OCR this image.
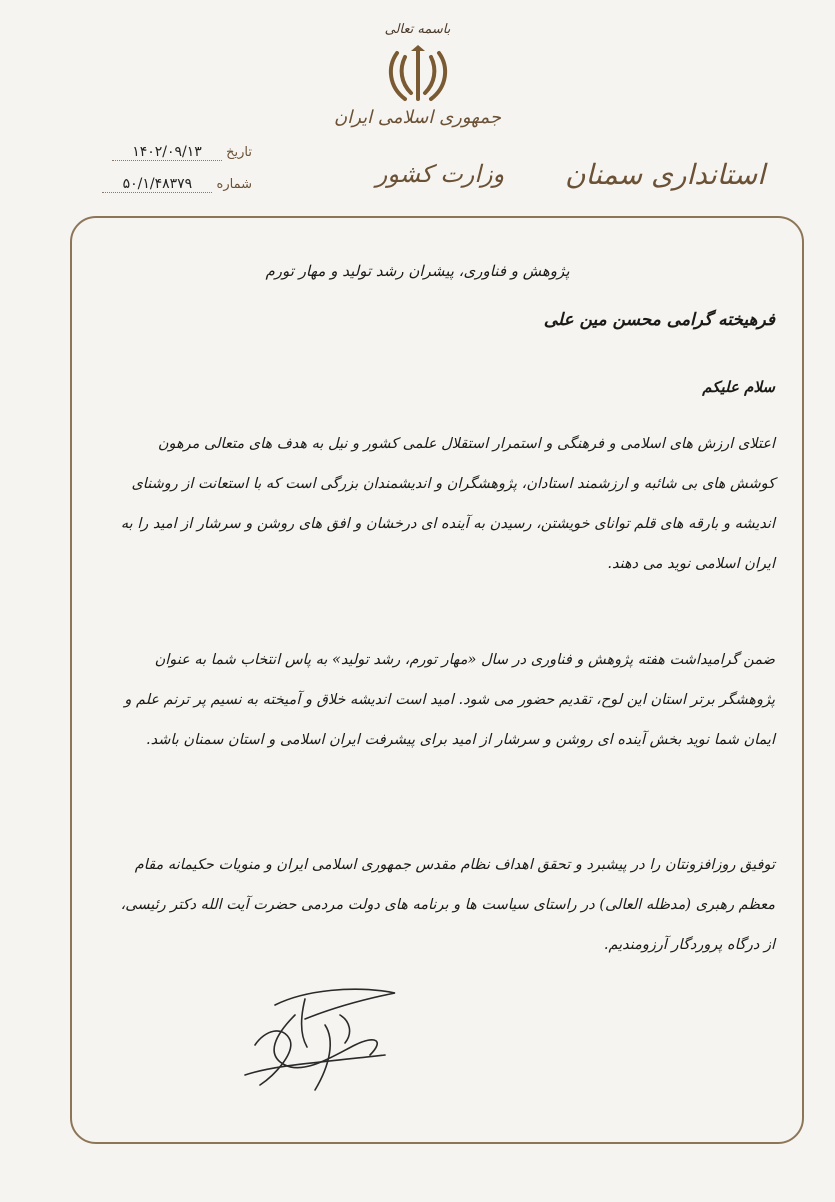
باسمه تعالی
جمهوری اسلامی ایران
وزارت کشور	استانداری سمنان
تاریخ ۱۴۰۲/۰۹/۱۳
شماره ۵۰/۱/۴۸۳۷۹
پژوهش و فناوری، پیشران رشد تولید و مهار تورم
فرهیخته گرامی محسن مین علی
سلام علیکم
اعتلای ارزش های اسلامی و فرهنگی و استمرار استقلال علمی کشور و نیل به هدف های متعالی مرهون کوشش های بی شائبه و ارزشمند استادان، پژوهشگران و اندیشمندان بزرگی است که با استعانت از روشنای اندیشه و بارقه های قلم توانای خویشتن، رسیدن به آینده ای درخشان و افق های روشن و سرشار از امید را به ایران اسلامی نوید می دهند.
ضمن گرامیداشت هفته پژوهش و فناوری در سال «مهار تورم، رشد تولید» به پاس انتخاب شما به عنوان پژوهشگر برتر استان این لوح، تقدیم حضور می شود. امید است اندیشه خلاق و آمیخته به نسیم پر ترنم علم و ایمان شما نوید بخش آینده ای روشن و سرشار از امید برای پیشرفت ایران اسلامی و استان سمنان باشد.
توفیق روزافزونتان را در پیشبرد و تحقق اهداف نظام مقدس جمهوری اسلامی ایران و منویات حکیمانه مقام معظم رهبری (مدظله العالی) در راستای سیاست ها و برنامه های دولت مردمی حضرت آیت الله دکتر رئیسی، از درگاه پروردگار آرزومندیم.
